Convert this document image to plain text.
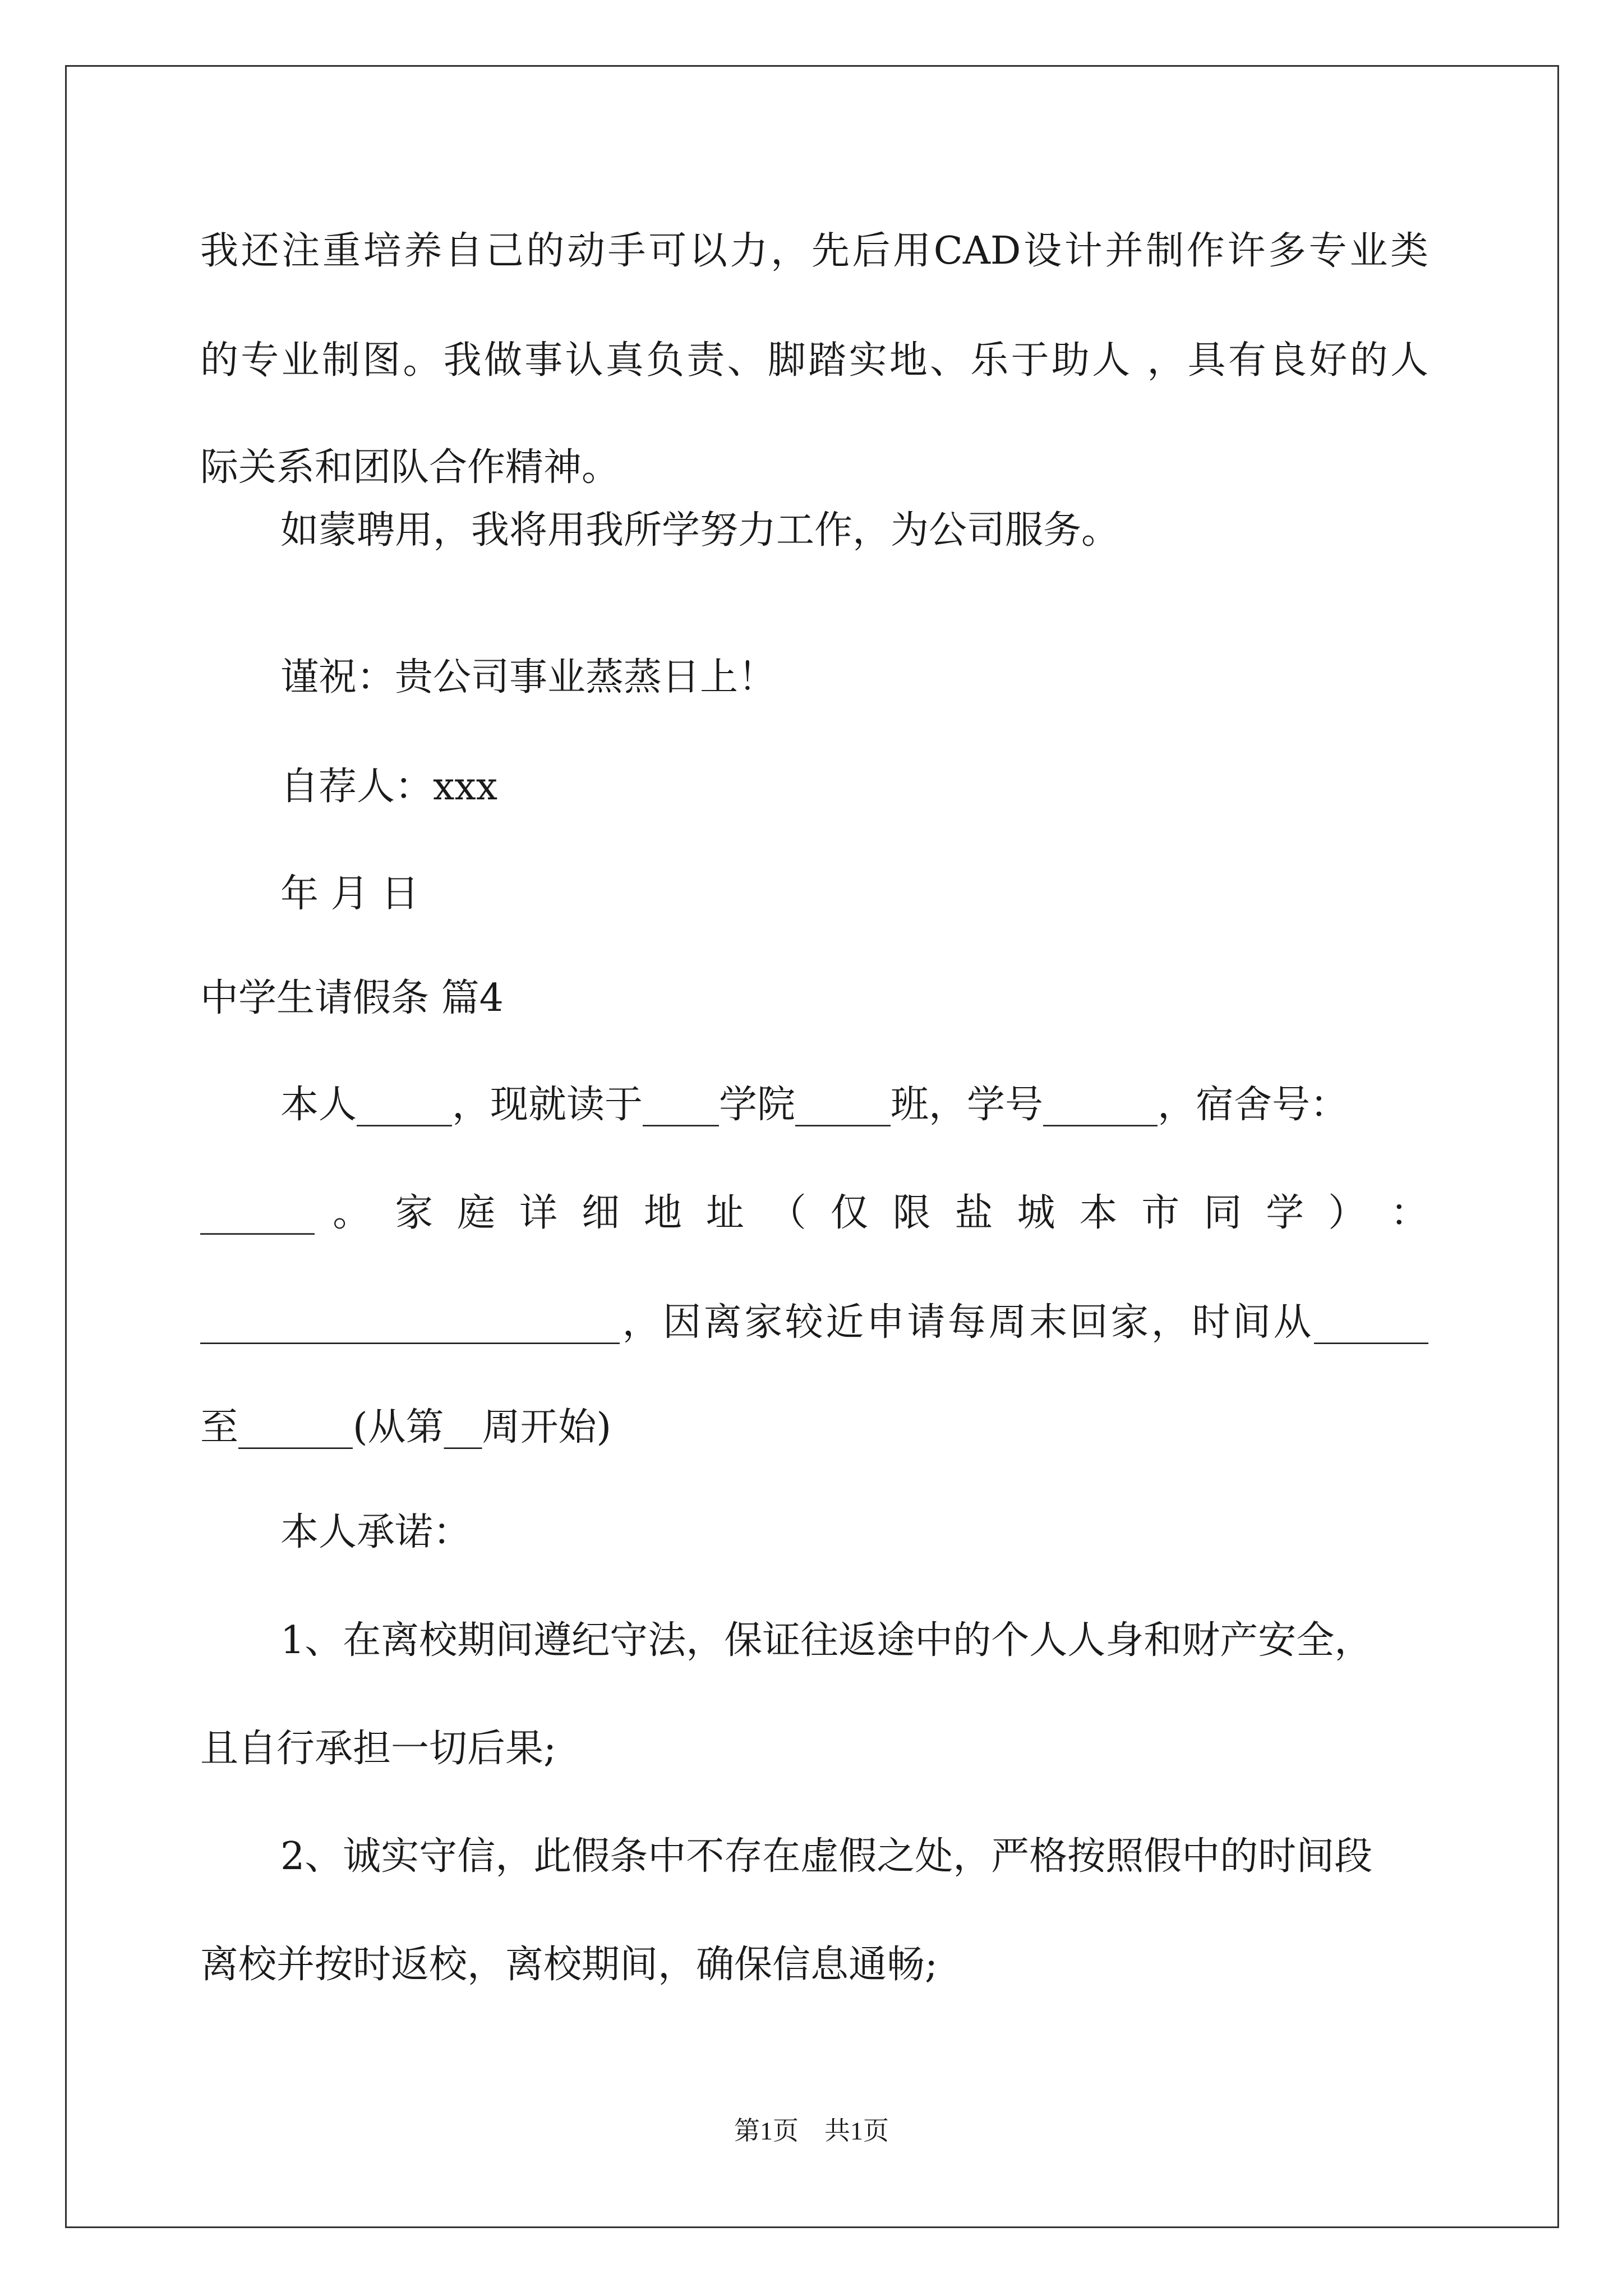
我还注重培养自己的动手可以力，先后用CAD设计并制作许多专业类
的专业制图。我做事认真负责、脚踏实地、乐于助人 ，具有良好的人
际关系和团队合作精神。
如蒙聘用，我将用我所学努力工作，为公司服务。
谨祝：贵公司事业蒸蒸日上！
自荐人：xxx
年 月 日
中学生请假条 篇4
本人_____，现就读于____学院_____班，学号______，宿舍号：
______ 。 家 庭 详 细 地 址 （ 仅 限 盐 城 本 市 同 学 ） ：
______________________，因离家较近申请每周末回家，时间从______
至______(从第__周开始)
本人承诺：
1、在离校期间遵纪守法，保证往返途中的个人人身和财产安全，
且自行承担一切后果;
2、诚实守信，此假条中不存在虚假之处，严格按照假中的时间段
离校并按时返校，离校期间，确保信息通畅;
第1页　共1页
